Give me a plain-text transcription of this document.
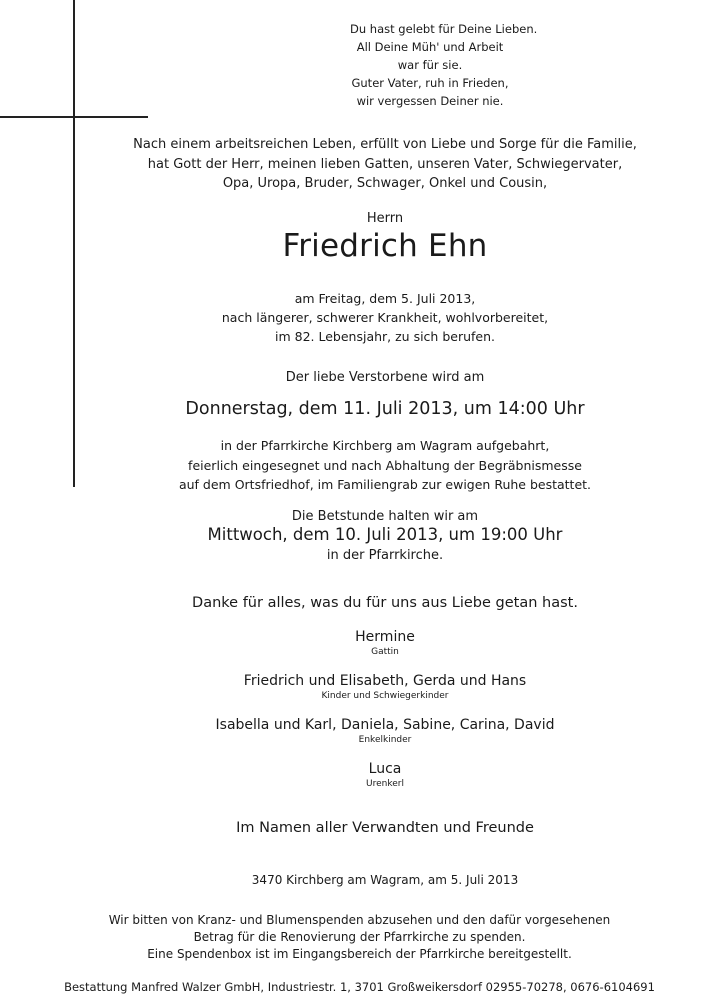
Du hast gelebt für Deine Lieben.
All Deine Müh' und Arbeit
war für sie.
Guter Vater, ruh in Frieden,
wir vergessen Deiner nie.
Nach einem arbeitsreichen Leben, erfüllt von Liebe und Sorge für die Familie,
hat Gott der Herr, meinen lieben Gatten, unseren Vater, Schwiegervater,
Opa, Uropa, Bruder, Schwager, Onkel und Cousin,
Herrn
Friedrich Ehn
am Freitag, dem 5. Juli 2013,
nach längerer, schwerer Krankheit, wohlvorbereitet,
im 82. Lebensjahr, zu sich berufen.
Der liebe Verstorbene wird am
Donnerstag, dem 11. Juli 2013, um 14:00 Uhr
in der Pfarrkirche Kirchberg am Wagram aufgebahrt,
feierlich eingesegnet und nach Abhaltung der Begräbnismesse
auf dem Ortsfriedhof, im Familiengrab zur ewigen Ruhe bestattet.
Die Betstunde halten wir am
Mittwoch, dem 10. Juli 2013, um 19:00 Uhr
in der Pfarrkirche.
Danke für alles, was du für uns aus Liebe getan hast.
Hermine
Gattin
Friedrich und Elisabeth, Gerda und Hans
Kinder und Schwiegerkinder
Isabella und Karl, Daniela, Sabine, Carina, David
Enkelkinder
Luca
Urenkerl
Im Namen aller Verwandten und Freunde
3470 Kirchberg am Wagram, am 5. Juli 2013
Wir bitten von Kranz- und Blumenspenden abzusehen und den dafür vorgesehenen
Betrag für die Renovierung der Pfarrkirche zu spenden.
Eine Spendenbox ist im Eingangsbereich der Pfarrkirche bereitgestellt.
Bestattung Manfred Walzer GmbH, Industriestr. 1, 3701 Großweikersdorf 02955-70278, 0676-6104691
